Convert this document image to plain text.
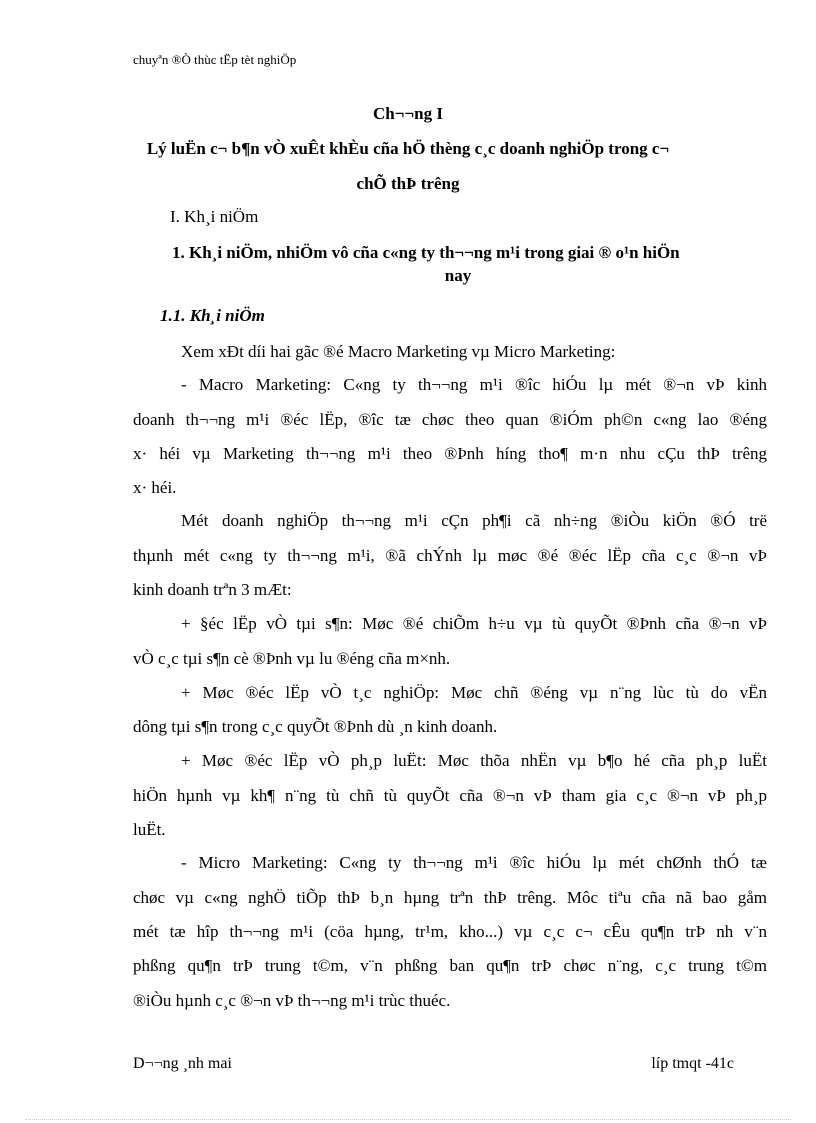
chuyªn ®Ò thùc tËp tèt nghiÖp
Ch¬¬ng I
Lý luËn c¬ b¶n vÒ xuÊt khÈu cña hÖ thèng c¸c doanh nghiÖp trong c¬
chÕ thÞ trêng
I. Kh¸i niÖm
1. Kh¸i niÖm, nhiÖm vô cña c«ng ty th¬¬ng m¹i trong giai ® o¹n hiÖn
nay
1.1. Kh¸i niÖm
Xem xÐt díi hai gãc ®é Macro Marketing vµ Micro Marketing:
- Macro Marketing: C«ng ty th¬¬ng m¹i ®îc hiÓu lµ mét ®¬n vÞ kinh
doanh th¬¬ng m¹i ®éc lËp, ®îc tæ chøc theo quan ®iÓm ph©n c«ng lao ®éng
x· héi vµ Marketing th¬¬ng m¹i theo ®Þnh híng tho¶ m·n nhu cÇu thÞ trêng
x· héi.
Mét doanh nghiÖp th¬¬ng m¹i cÇn ph¶i cã nh÷ng ®iÒu kiÖn ®Ó trë
thµnh mét c«ng ty th¬¬ng m¹i, ®ã chÝnh lµ møc ®é ®éc lËp cña c¸c ®¬n vÞ
kinh doanh trªn 3 mÆt:
+ §éc lËp vÒ tµi s¶n: Møc ®é chiÕm h÷u vµ tù quyÕt ®Þnh cña ®¬n vÞ
vÒ c¸c tµi s¶n cè ®Þnh vµ lu ®éng cña m×nh.
+ Møc ®éc lËp vÒ t¸c nghiÖp: Møc chñ ®éng vµ n¨ng lùc tù do vËn
dông tµi s¶n trong c¸c quyÕt ®Þnh dù ¸n kinh doanh.
+ Møc ®éc lËp vÒ ph¸p luËt: Møc thõa nhËn vµ b¶o hé cña ph¸p luËt
hiÖn hµnh vµ kh¶ n¨ng tù chñ tù quyÕt cña ®¬n vÞ tham gia c¸c ®¬n vÞ ph¸p
luËt.
- Micro Marketing: C«ng ty th¬¬ng m¹i ®îc hiÓu lµ mét chØnh thÓ tæ
chøc vµ c«ng nghÖ tiÕp thÞ b¸n hµng trªn thÞ trêng. Môc tiªu cña nã bao gåm
mét tæ hîp th¬¬ng m¹i (cöa hµng, tr¹m, kho...) vµ c¸c c¬ cÊu qu¶n trÞ nh v¨n
phßng qu¶n trÞ trung t©m, v¨n phßng ban qu¶n trÞ chøc n¨ng, c¸c trung t©m
®iÒu hµnh c¸c ®¬n vÞ th¬¬ng m¹i trùc thuéc.
D¬¬ng ¸nh mai	líp tmqt -41c
